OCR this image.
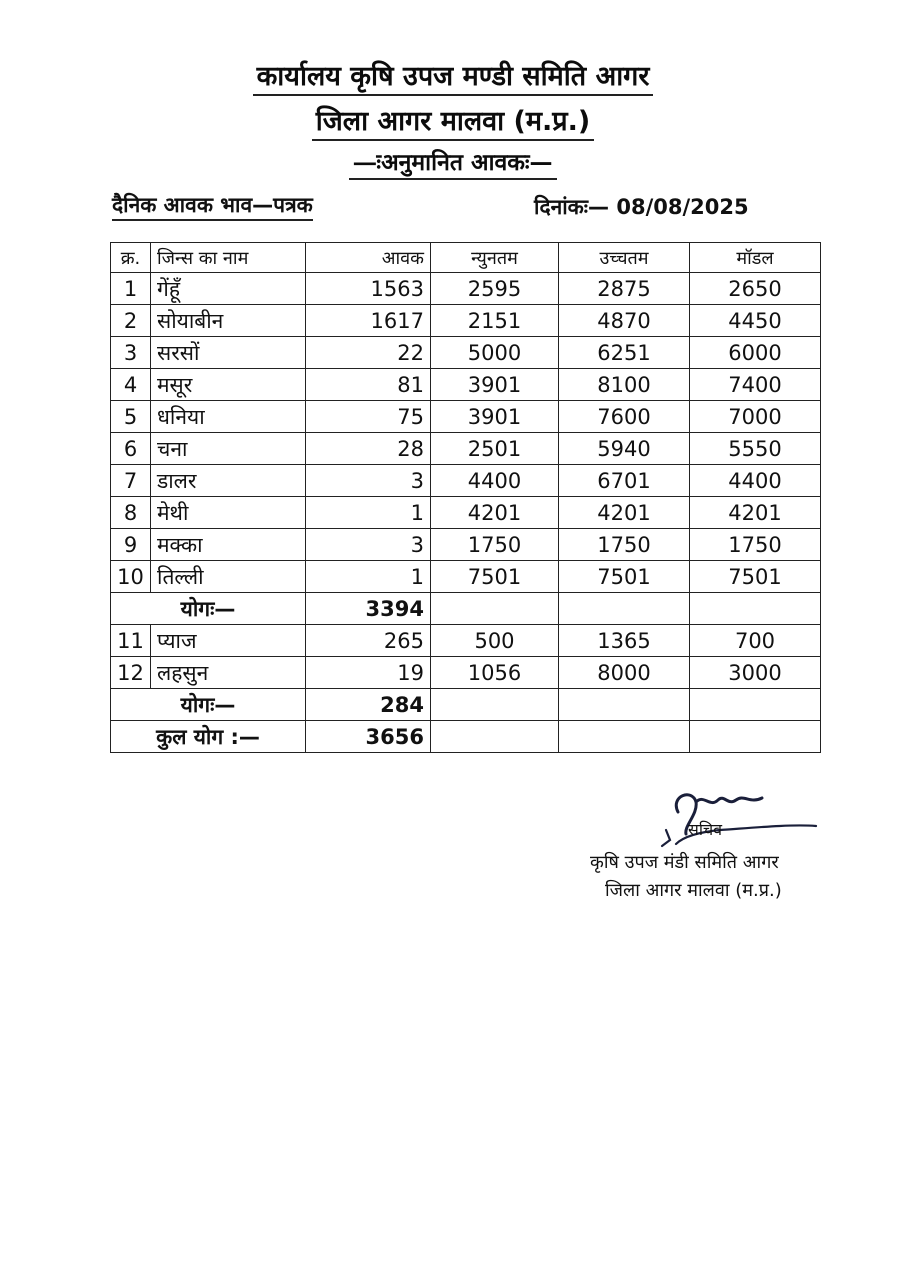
कार्यालय कृषि उपज मण्डी समिति आगर
जिला आगर मालवा (म.प्र.)
—ःअनुमानित आवकः—
दैनिक आवक भाव—पत्रक	दिनांकः— 08/08/2025
क्र.	जिन्स का नाम	आवक	न्युनतम	उच्चतम	मॉडल
1	गेंहूँ	1563	2595	2875	2650
2	सोयाबीन	1617	2151	4870	4450
3	सरसों	22	5000	6251	6000
4	मसूर	81	3901	8100	7400
5	धनिया	75	3901	7600	7000
6	चना	28	2501	5940	5550
7	डालर	3	4400	6701	4400
8	मेथी	1	4201	4201	4201
9	मक्का	3	1750	1750	1750
10	तिल्ली	1	7501	7501	7501
योगः—		3394			
11	प्याज	265	500	1365	700
12	लहसुन	19	1056	8000	3000
योगः—		284			
कुल योग :—		3656			
सचिव
कृषि उपज मंडी समिति आगर
जिला आगर मालवा (म.प्र.)
